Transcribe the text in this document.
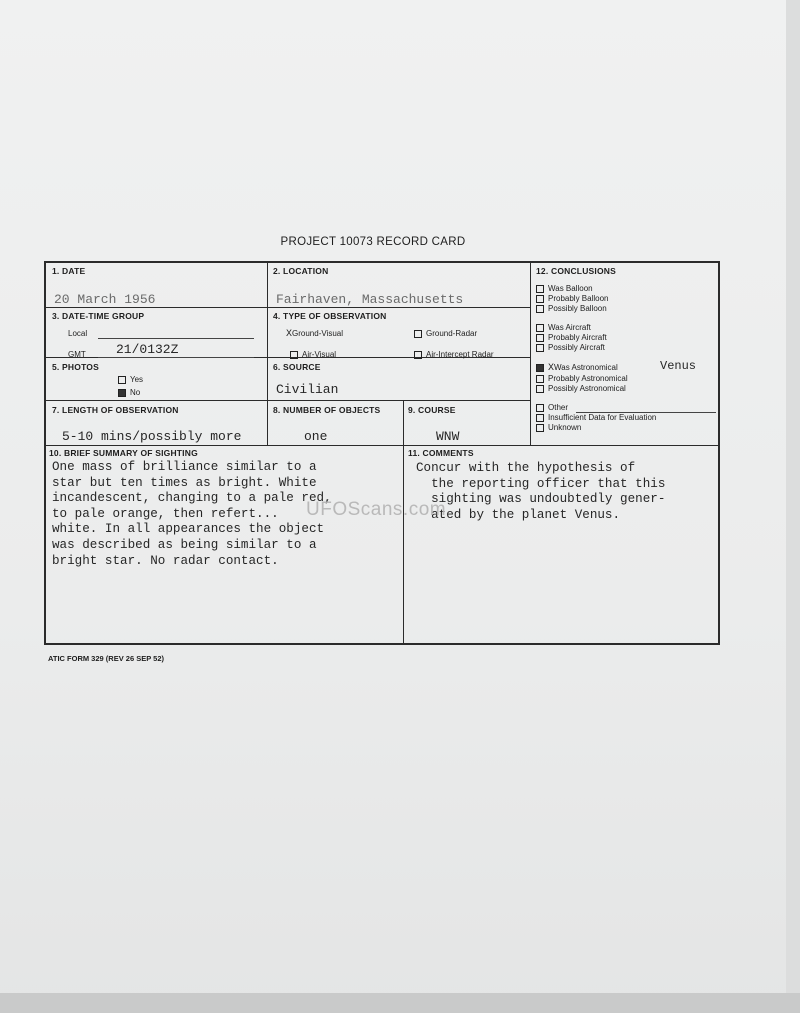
PROJECT 10073 RECORD CARD
1. DATE
20 March 1956
2. LOCATION
Fairhaven, Massachusetts
3. DATE-TIME GROUP
Local
GMT 21/0132Z
4. TYPE OF OBSERVATION
XGround-Visual	Ground-Radar
Air-Visual	Air-Intercept Radar
5. PHOTOS
Yes
No
6. SOURCE
Civilian
7. LENGTH OF OBSERVATION
5-10 mins/possibly more
8. NUMBER OF OBJECTS
one
9. COURSE
WNW
12. CONCLUSIONS
Was Balloon
Probably Balloon
Possibly Balloon
Was Aircraft
Probably Aircraft
Possibly Aircraft
XWas Astronomical
Probably Astronomical
Possibly Astronomical
Venus
Other
Insufficient Data for Evaluation
Unknown
10. BRIEF SUMMARY OF SIGHTING
One mass of brilliance similar to a
star but ten times as bright. White
incandescent, changing to a pale red,
to pale orange, then refert...
white. In all appearances the object
was described as being similar to a
bright star. No radar contact.
11. COMMENTS
Concur with the hypothesis of
the reporting officer that this
sighting was undoubtedly gener-
ated by the planet Venus.
UFOScans.com
ATIC FORM 329 (REV 26 SEP 52)
